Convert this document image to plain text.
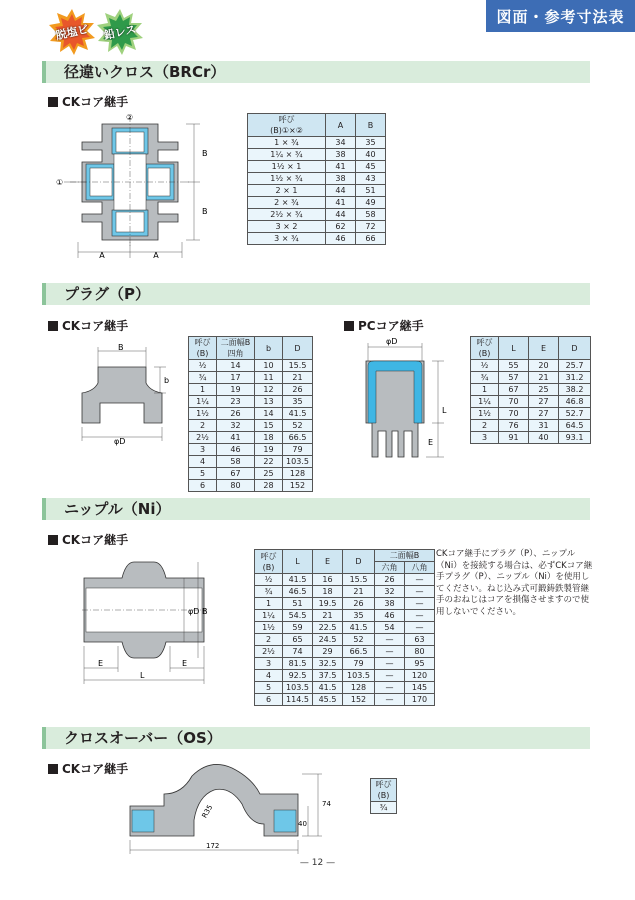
図面・参考寸法表
脱塩ビ	鉛レス
径違いクロス（BRCr）
CKコア継手
A	A
B
B
②
①
呼び
(B)①×②	A	B
1 × ¾	34	35
1¼ × ¾	38	40
1½ × 1	41	45
1½ × ¾	38	43
2 × 1	44	51
2 × ¾	41	49
2½ × ¾	44	58
3 × 2	62	72
3 × ¾	46	66
プラグ（P）
CKコア継手	PCコア継手
B
b
φD
呼び
(B)	二面幅B
四角	b	D
½	14	10	15.5
¾	17	11	21
1	19	12	26
1¼	23	13	35
1½	26	14	41.5
2	32	15	52
2½	41	18	66.5
3	46	19	79
4	58	22	103.5
5	67	25	128
6	80	28	152
φD
L
E
呼び
(B)	L	E	D
½	55	20	25.7
¾	57	21	31.2
1	67	25	38.2
1¼	70	27	46.8
1½	70	27	52.7
2	76	31	64.5
3	91	40	93.1
ニップル（Ni）
CKコア継手
φD B
E	E
L
呼び
(B)	L	E	D	二面幅B	
				六角	八角
½	41.5	16	15.5	26	—
¾	46.5	18	21	32	—
1	51	19.5	26	38	—
1¼	54.5	21	35	46	—
1½	59	22.5	41.5	54	—
2	65	24.5	52	—	63
2½	74	29	66.5	—	80
3	81.5	32.5	79	—	95
4	92.5	37.5	103.5	—	120
5	103.5	41.5	128	—	145
6	114.5	45.5	152	—	170
CKコア継手にプラグ（P）、ニップル（Ni）を接続する場合は、必ずCKコア継手プラグ（P）、ニップル（Ni）を使用してください。ねじ込み式可鍛鋳鉄製管継手のおねじはコアを損傷させますので使用しないでください。
クロスオーバー（OS）
CKコア継手
R35	74
40
172
呼び
(B)
¾
— 12 —
